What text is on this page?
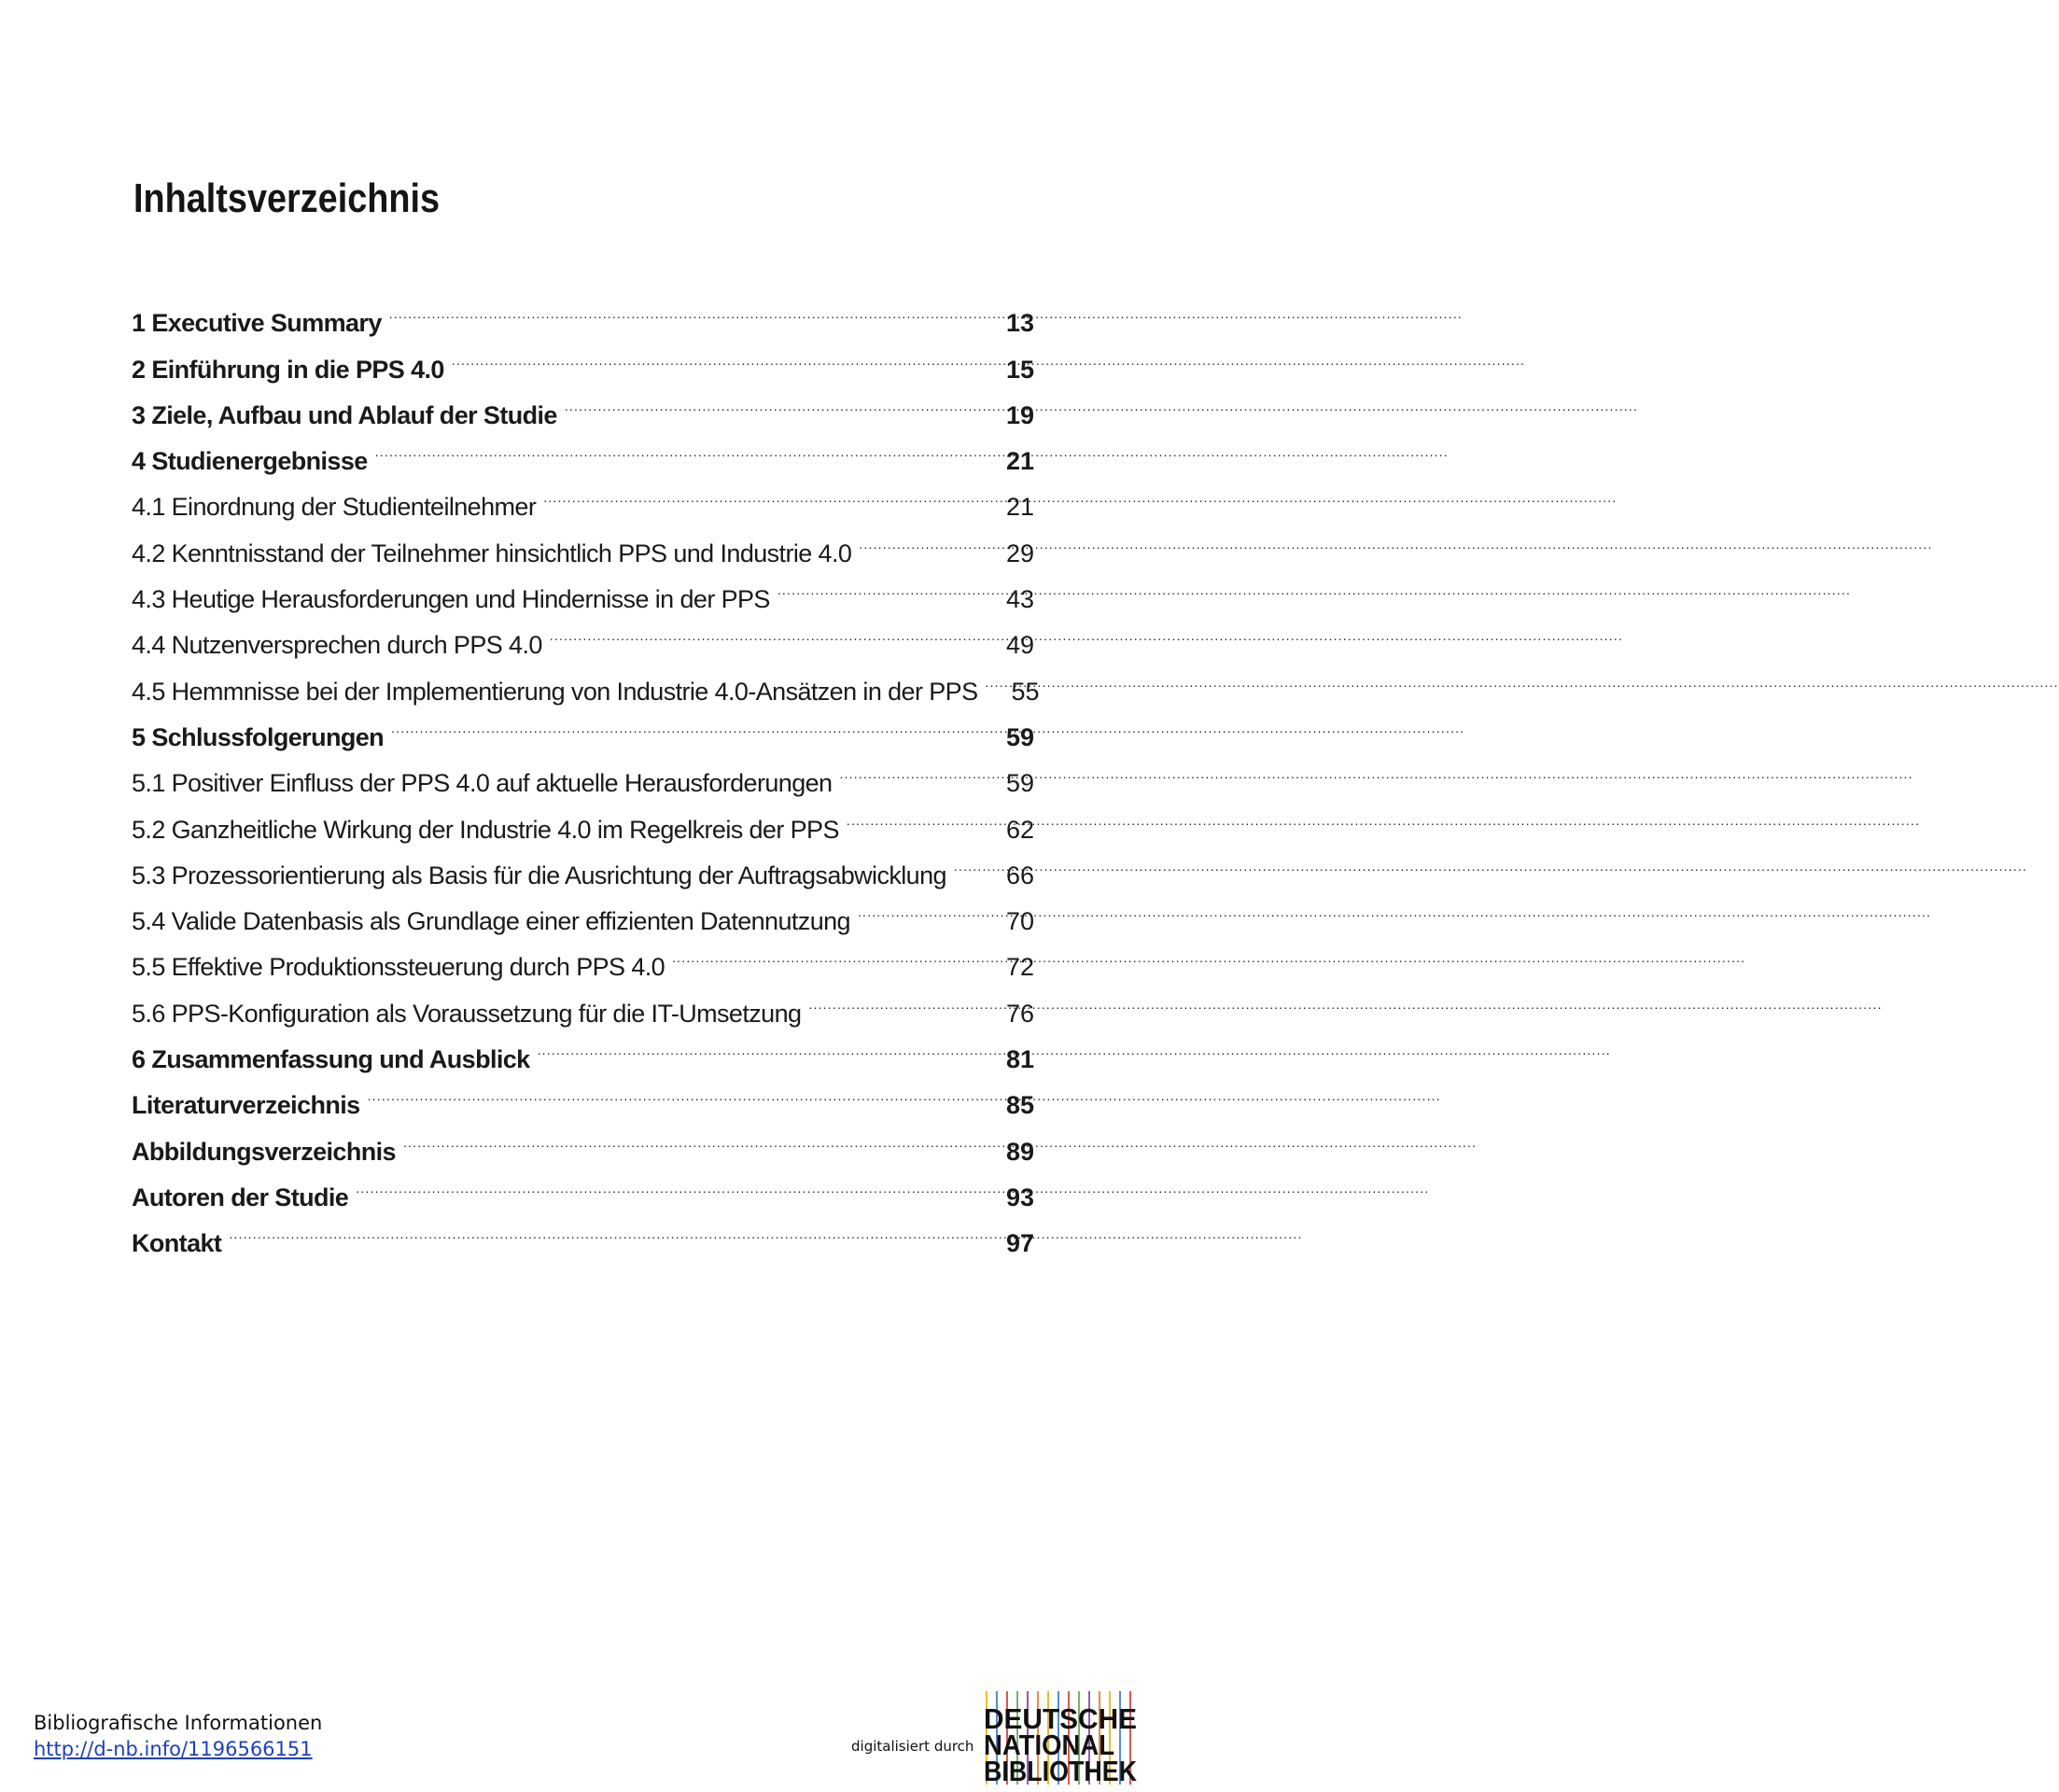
Inhaltsverzeichnis
1 Executive Summary .....	13
2 Einführung in die PPS 4.0 .....	15
3 Ziele, Aufbau und Ablauf der Studie .....	19
4 Studienergebnisse .....	21
4.1 Einordnung der Studienteilnehmer .....	21
4.2 Kenntnisstand der Teilnehmer hinsichtlich PPS und Industrie 4.0 .....	29
4.3 Heutige Herausforderungen und Hindernisse in der PPS .....	43
4.4 Nutzenversprechen durch PPS 4.0 .....	49
4.5 Hemmnisse bei der Implementierung von Industrie 4.0-Ansätzen in der PPS ..... 55
5 Schlussfolgerungen .....	59
5.1 Positiver Einfluss der PPS 4.0 auf aktuelle Herausforderungen .....	59
5.2 Ganzheitliche Wirkung der Industrie 4.0 im Regelkreis der PPS .....	62
5.3 Prozessorientierung als Basis für die Ausrichtung der Auftragsabwicklung ..... 66
5.4 Valide Datenbasis als Grundlage einer effizienten Datennutzung .....	70
5.5 Effektive Produktionssteuerung durch PPS 4.0 .....	72
5.6 PPS-Konfiguration als Voraussetzung für die IT-Umsetzung .....	76
6 Zusammenfassung und Ausblick .....	81
Literaturverzeichnis .....	85
Abbildungsverzeichnis .....	89
Autoren der Studie .....	93
Kontakt .....	97
Bibliografische Informationen
http://d-nb.info/1196566151	digitalisiert durch
DEUTSCHE
NATIONAL
BIBLIOTHEK
